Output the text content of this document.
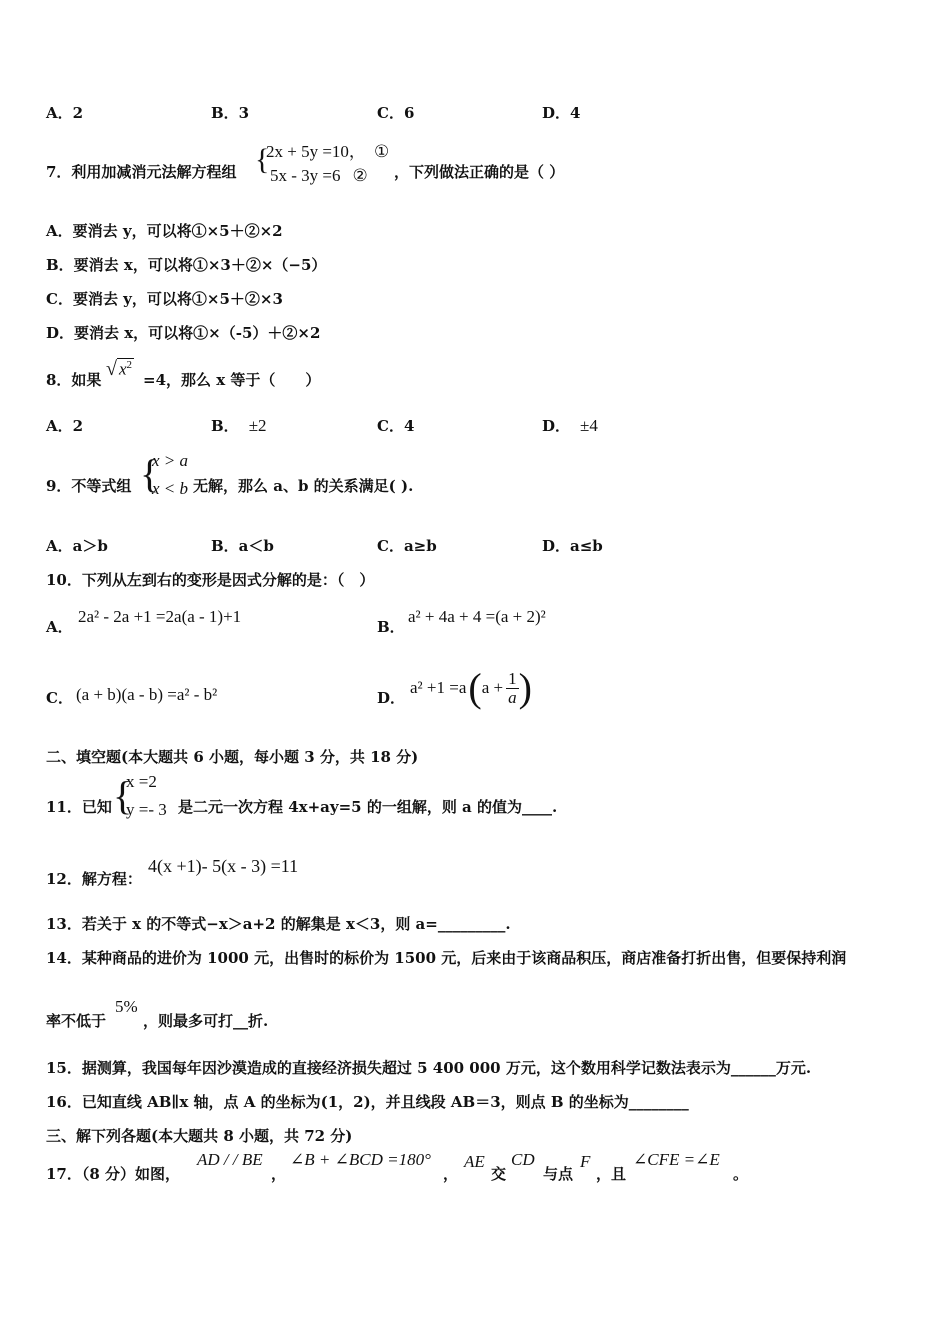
A．2	B．3	C．6	D．4
7．利用加减消元法解方程组 {
2x + 5y =10， ①
5x - 3y =6 ② ，下列做法正确的是（ ）
A．要消去 y，可以将①×5＋②×2
B．要消去 x，可以将①×3＋②×（−5）
C．要消去 y，可以将①×5＋②×3
D．要消去 x，可以将①×（-5）＋②×2
8．如果 √ $x^2$
=4，那么 x 等于（　　）
A．2	B． ±2	C．4	D． ±4
9．不等式组 {
x > a
x < b 无解，那么 a、b 的关系满足( ).
A．a＞b	B．a＜b	C．a≥b	D．a≤b
10．下列从左到右的变形是因式分解的是：（　）
A．
2a² - 2a +1 =2a(a - 1)+1
B．
a² + 4a + 4 =(a + 2)²
C． (a + b)(a - b) =a² - b²	D．
a² +1 =a ( $a + \frac{1}{a}$ )
二、填空题(本大题共 6 小题，每小题 3 分，共 18 分)
11．已知 {
x =2
y =- 3 是二元一次方程 4x+ay=5 的一组解，则 a 的值为____.
12．解方程：
4(x +1)- 5(x - 3) =11
13．若关于 x 的不等式−x＞a+2 的解集是 x＜3，则 a=_________.
14．某种商品的进价为 1000 元，出售时的标价为 1500 元，后来由于该商品积压，商店准备打折出售，但要保持利润
率不低于
5%
，则最多可打__折.
15．据测算，我国每年因沙漠造成的直接经济损失超过 5 400 000 万元，这个数用科学记数法表示为______万元.
16．已知直线 AB∥x 轴，点 A 的坐标为(1，2)，并且线段 AB＝3，则点 B 的坐标为________
三、解下列各题(本大题共 8 小题，共 72 分)
17．（8 分）如图，
AD / / BE
，
∠B + ∠BCD =180°
，
AE
交
CD
与点
F
，且
∠CFE =∠E
。
